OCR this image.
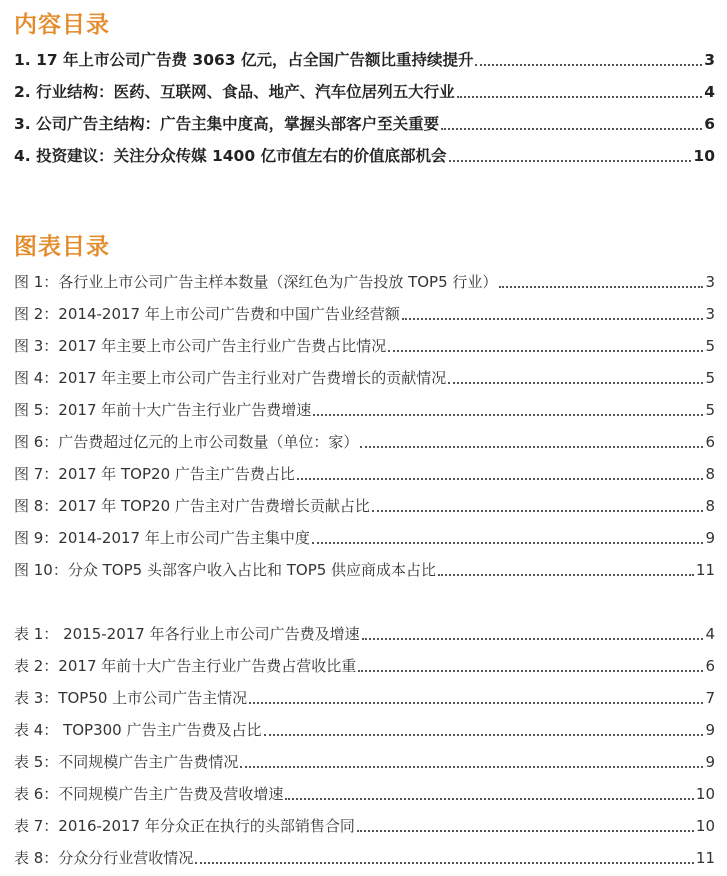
内容目录
1. 17 年上市公司广告费 3063 亿元，占全国广告额比重持续提升	3
2. 行业结构：医药、互联网、食品、地产、汽车位居列五大行业	4
3. 公司广告主结构：广告主集中度高，掌握头部客户至关重要	6
4. 投资建议：关注分众传媒 1400 亿市值左右的价值底部机会	10
图表目录
图 1：各行业上市公司广告主样本数量（深红色为广告投放 TOP5 行业）	3
图 2：2014-2017 年上市公司广告费和中国广告业经营额	3
图 3：2017 年主要上市公司广告主行业广告费占比情况	5
图 4：2017 年主要上市公司广告主行业对广告费增长的贡献情况	5
图 5：2017 年前十大广告主行业广告费增速	5
图 6：广告费超过亿元的上市公司数量（单位：家）	6
图 7：2017 年 TOP20 广告主广告费占比	8
图 8：2017 年 TOP20 广告主对广告费增长贡献占比	8
图 9：2014-2017 年上市公司广告主集中度	9
图 10：分众 TOP5 头部客户收入占比和 TOP5 供应商成本占比	11
表 1： 2015-2017 年各行业上市公司广告费及增速	4
表 2：2017 年前十大广告主行业广告费占营收比重	6
表 3：TOP50 上市公司广告主情况	7
表 4： TOP300 广告主广告费及占比	9
表 5：不同规模广告主广告费情况	9
表 6：不同规模广告主广告费及营收增速	10
表 7：2016-2017 年分众正在执行的头部销售合同	10
表 8：分众分行业营收情况	11
